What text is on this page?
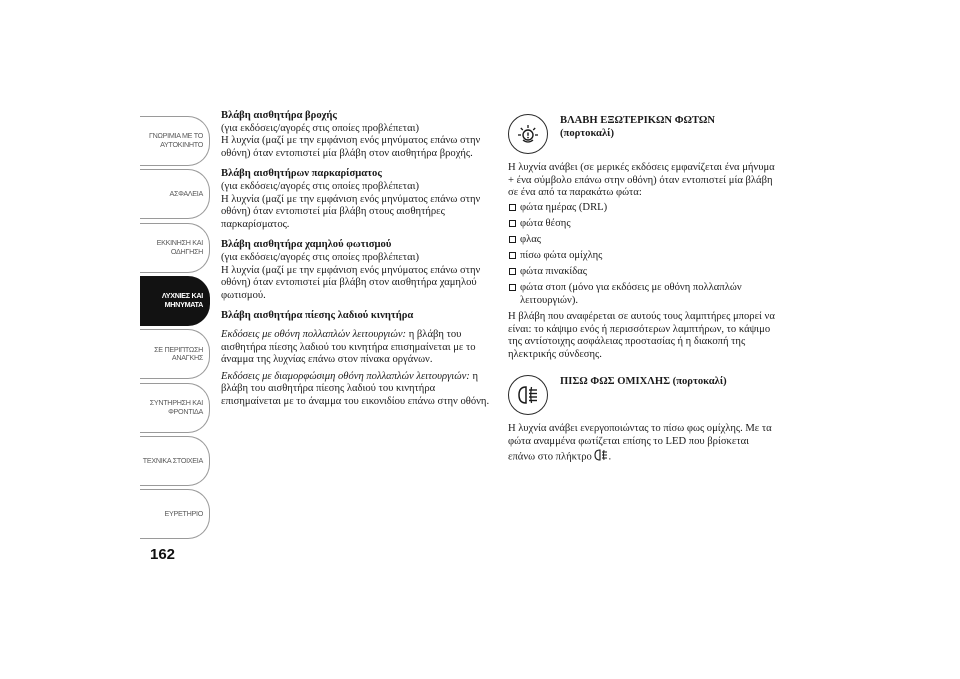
ΓΝΩΡΙΜΙΑ ΜΕ ΤΟ
ΑΥΤΟΚΙΝΗΤΟ
ΑΣΦΑΛΕΙΑ
ΕΚΚΙΝΗΣΗ ΚΑΙ
ΟΔΗΓΗΣΗ
ΛΥΧΝΙΕΣ ΚΑΙ
ΜΗΝΥΜΑΤΑ
ΣΕ ΠΕΡΙΠΤΩΣΗ
ΑΝΑΓΚΗΣ
ΣΥΝΤΗΡΗΣΗ ΚΑΙ
ΦΡΟΝΤΙΔΑ
ΤΕΧΝΙΚΑ ΣΤΟΙΧΕΙΑ
ΕΥΡΕΤΗΡΙΟ
162

Βλάβη αισθητήρα βροχής

(για εκδόσεις/αγορές στις οποίες προβλέπεται)

Η λυχνία (μαζί με την εμφάνιση ενός μηνύματος επάνω στην οθόνη) όταν εντοπιστεί μία βλάβη στον αισθητήρα βροχής.

Βλάβη αισθητήρων παρκαρίσματος

(για εκδόσεις/αγορές στις οποίες προβλέπεται)

Η λυχνία (μαζί με την εμφάνιση ενός μηνύματος επάνω στην οθόνη) όταν εντοπιστεί μία βλάβη στους αισθητήρες παρκαρίσματος.

Βλάβη αισθητήρα χαμηλού φωτισμού

(για εκδόσεις/αγορές στις οποίες προβλέπεται)

Η λυχνία (μαζί με την εμφάνιση ενός μηνύματος επάνω στην οθόνη) όταν εντοπιστεί μία βλάβη στον αισθητήρα χαμηλού φωτισμού.

Βλάβη αισθητήρα πίεσης λαδιού κινητήρα

Εκδόσεις με οθόνη πολλαπλών λειτουργιών: η βλάβη του αισθητήρα πίεσης λαδιού του κινητήρα επισημαίνεται με το άναμμα της λυχνίας επάνω στον πίνακα οργάνων.

Εκδόσεις με διαμορφώσιμη οθόνη πολλαπλών λειτουργιών: η βλάβη του αισθητήρα πίεσης λαδιού του κινητήρα επισημαίνεται με το άναμμα του εικονιδίου επάνω στην οθόνη.

ΒΛΑΒΗ ΕΞΩΤΕΡΙΚΩΝ ΦΩΤΩΝ
(πορτοκαλί)

Η λυχνία ανάβει (σε μερικές εκδόσεις εμφανίζεται ένα μήνυμα + ένα σύμβολο επάνω στην οθόνη) όταν εντοπιστεί μία βλάβη σε ένα από τα παρακάτω φώτα:

φώτα ημέρας (DRL)
φώτα θέσης
φλας
πίσω φώτα ομίχλης
φώτα πινακίδας
φώτα στοπ (μόνο για εκδόσεις με οθόνη πολλαπλών λειτουργιών).

Η βλάβη που αναφέρεται σε αυτούς τους λαμπτήρες μπορεί να είναι: το κάψιμο ενός ή περισσότερων λαμπτήρων, το κάψιμο της αντίστοιχης ασφάλειας προστασίας ή η διακοπή της ηλεκτρικής σύνδεσης.

ΠΙΣΩ ΦΩΣ ΟΜΙΧΛΗΣ (πορτοκαλί)

Η λυχνία ανάβει ενεργοποιώντας το πίσω φως ομίχλης. Με τα φώτα αναμμένα φωτίζεται επίσης το LED που βρίσκεται επάνω στο πλήκτρο .
